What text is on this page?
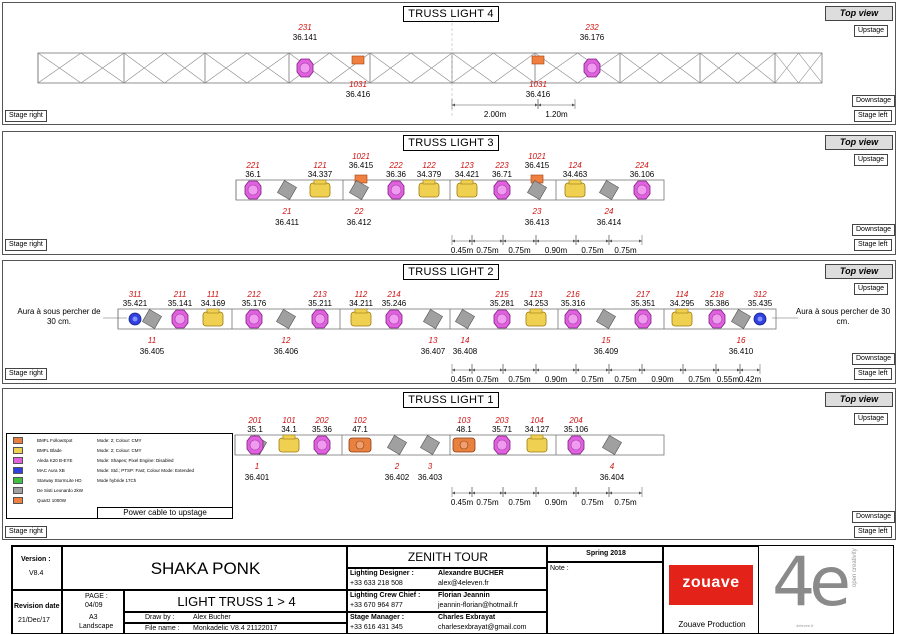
TRUSS LIGHT 4	Top view
Upstage
Downstage
Stage left
Stage right
TRUSS LIGHT 3	Top view
Upstage
Downstage
Stage left
Stage right
TRUSS LIGHT 2	Top view
Upstage
Downstage
Stage left
Stage right
Aura à sous percher de 30 cm.
Aura à sous percher de 30 cm.
TRUSS LIGHT 1	Top view
Upstage
Downstage
Stage left
Stage right
BMFL FollowSpot	Mode: 2; Colour: CMY
BMFL Blade	Mode: 2; Colour: CMY
Aleda K20 B-EYE	Mode: Shapes; Pixel Engine: Disabled
MAC Aura XB	Mode: Std.; PTSP: Fast; Colour Mode: Extended
Starway StormLite HD	Mode hybride 17Ch
De Sisti Leonardo 2kW
Quartz 1000W
Power cable to upstage
231
36.141
232
36.176
1031
36.416
1031
36.416
221
36.1
21
36.411
121
34.337
1021
36.415
22
36.412
222
36.36
122
34.379
123
34.421
223
36.71
1021
36.415
23
36.413
124
34.463
24
36.414
224
36.106
311
35.421
11
36.405
211
35.141
111
34.169
212
35.176
12
36.406
213
35.211
112
34.211
214
35.246
13
36.407
14
36.408
215
35.281
113
34.253
216
35.316
15
36.409
217
35.351
114
34.295
218
35.386
16
36.410
312
35.435
1
36.401
201
35.1
101
34.1
202
35.36
102
47.1
2
36.402
3
36.403
103
48.1
203
35.71
104
34.127
204
35.106
4
36.404
2.00m	1.20m
0.45m 0.75m 0.75m 0.90m 0.75m 0.75m
0.45m 0.75m 0.75m 0.90m 0.75m 0.75m 0.90m 0.75m 0.55m 0.42m
0.45m 0.75m 0.75m 0.90m 0.75m 0.75m
Version :
V8.4
Revision date
21/Dec/17
SHAKA PONK
PAGE :
04/09
A3
Landscape
LIGHT TRUSS 1 > 4
Draw by :	Alex Bucher
File name : Monkadelic V8.4 21122017
ZENITH TOUR
Lighting Designer :	Alexandre BUCHER
+33 633 218 508	alex@4eleven.fr
Lighting Crew Chief :	Florian Jeannin
+33 670 964 877	jeannin-florian@hotmail.fr
Stage Manager :	Charles Exbrayat
+33 616 431 345	charlesexbrayat@gmail.com
Spring 2018
Note :
zouave
Zouave Production
4e open creativity
4eleven.fr
